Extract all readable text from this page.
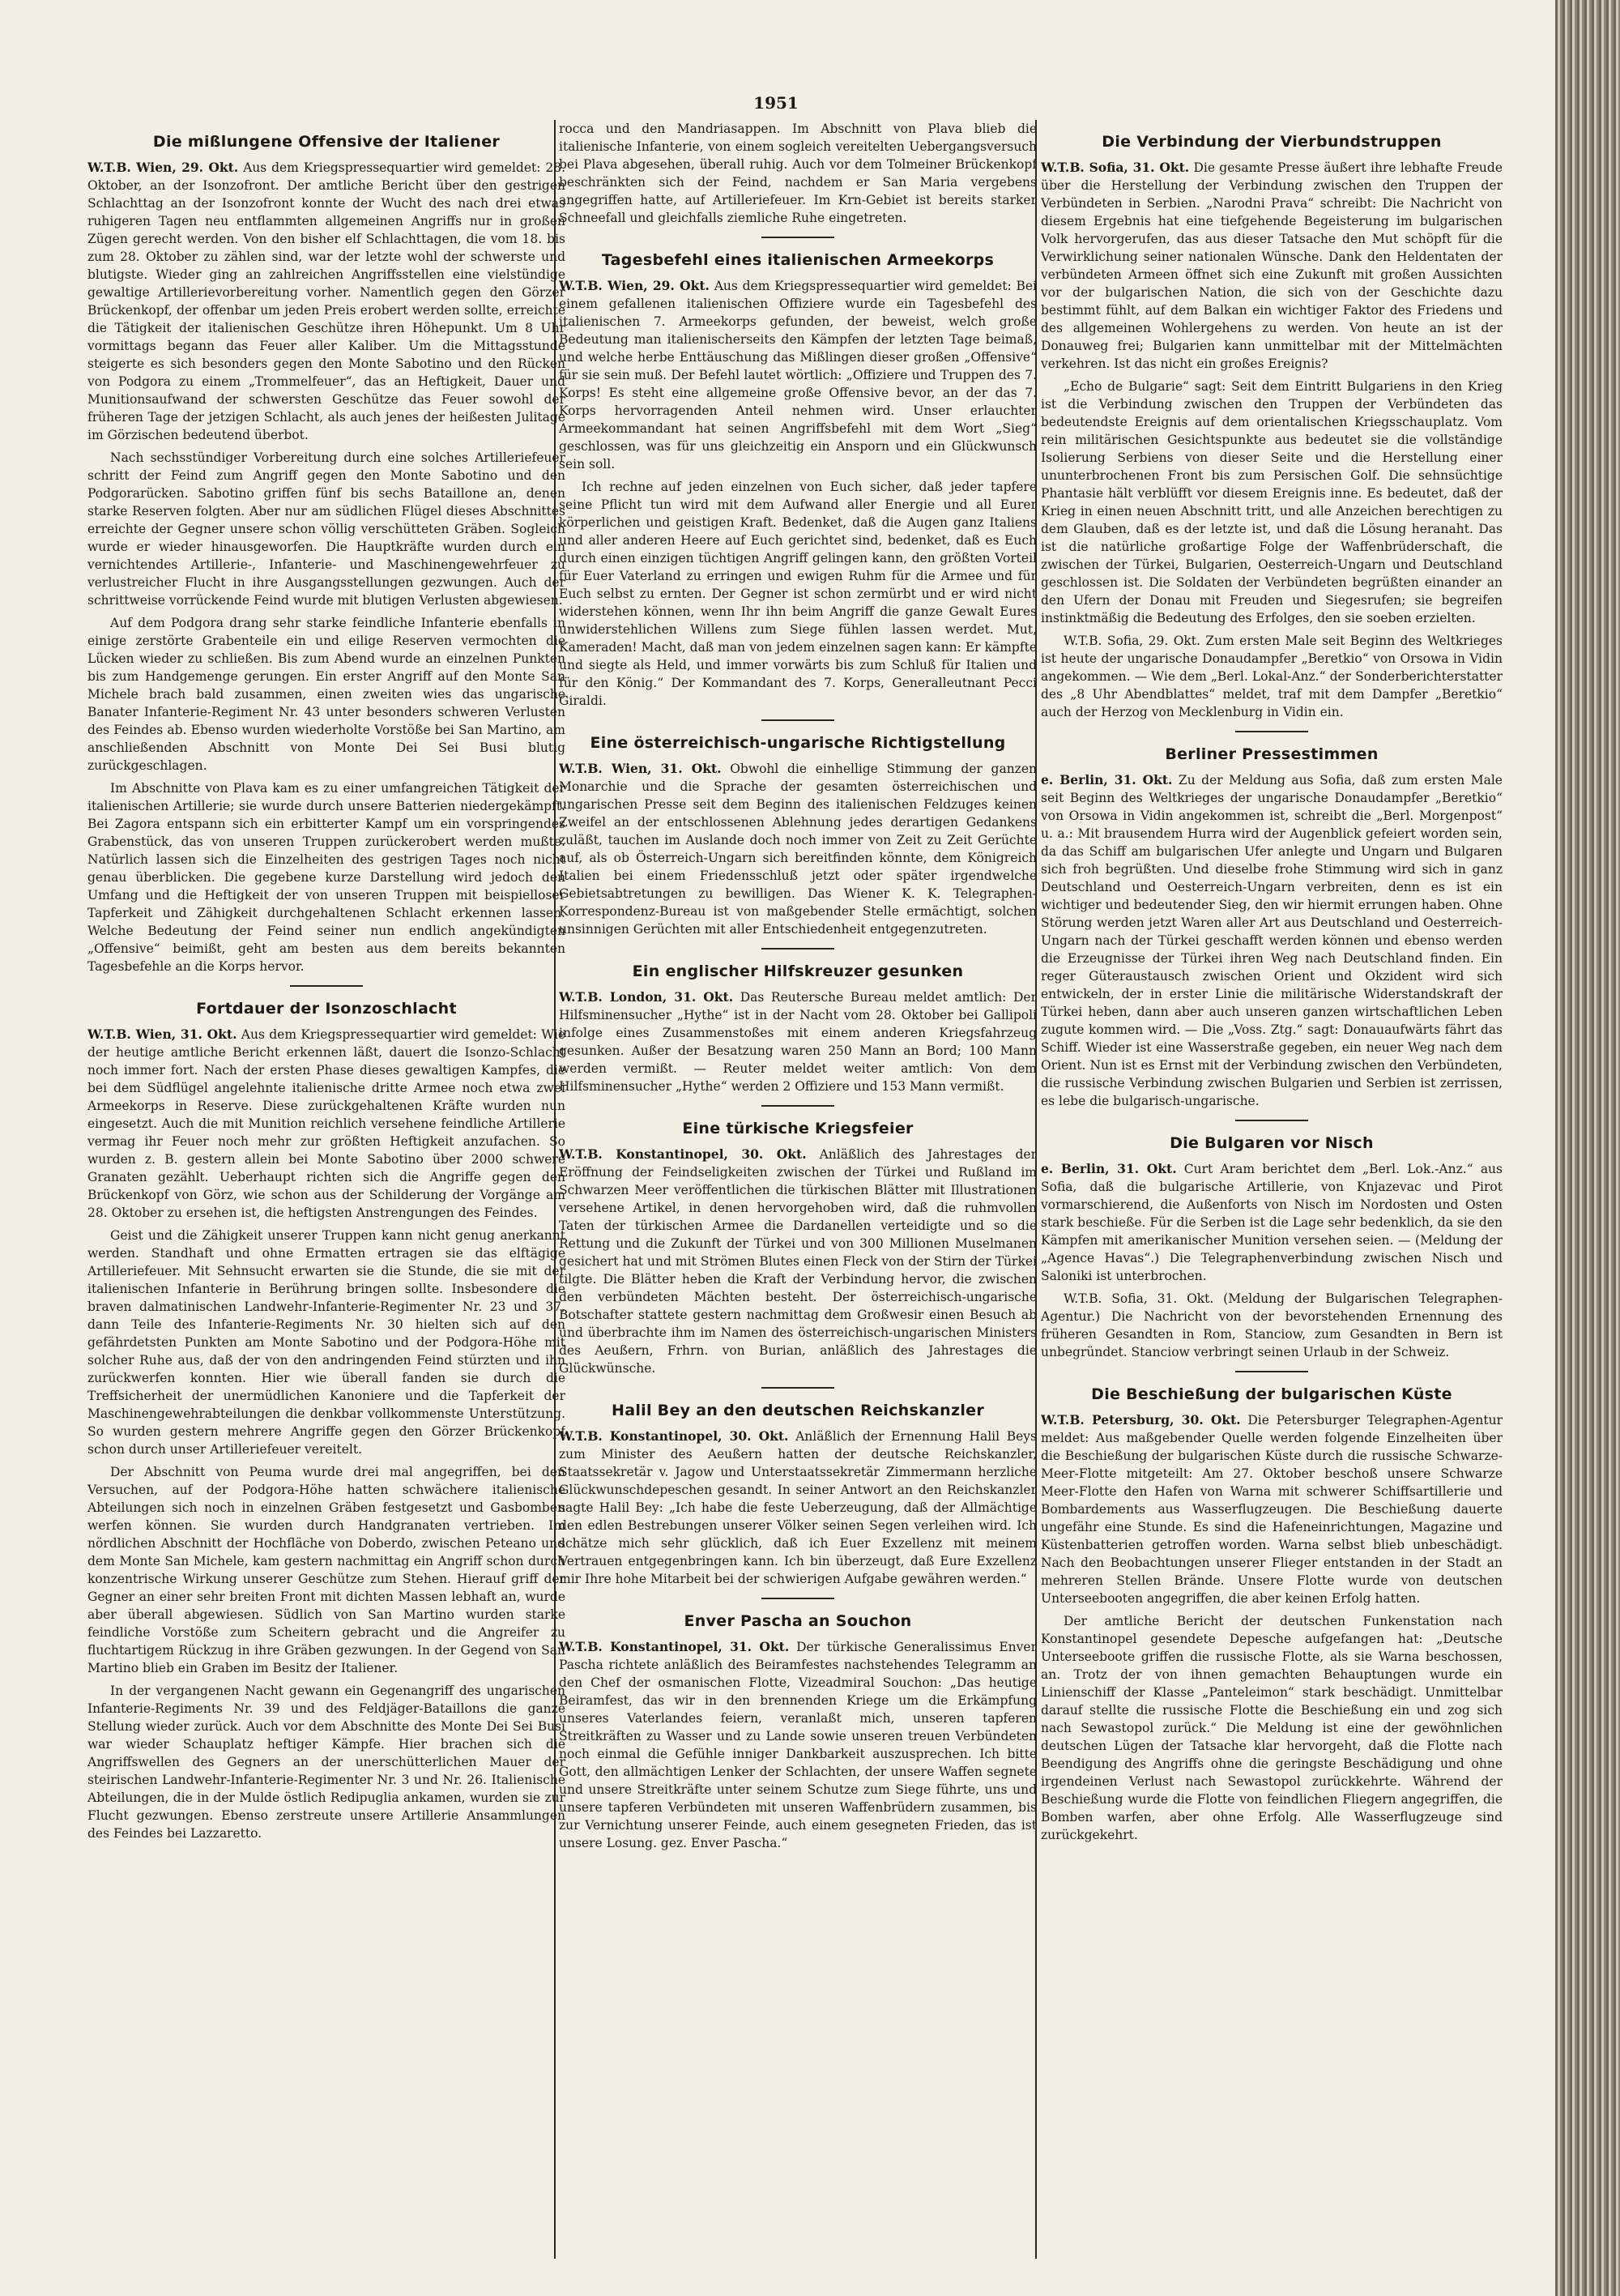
1951
Die mißlungene Offensive der Italiener

W.T.B. Wien, 29. Okt. Aus dem Kriegspressequartier wird gemeldet: 28. Oktober, an der Isonzofront. Der amtliche Bericht über den gestrigen Schlachttag an der Isonzofront konnte der Wucht des nach drei etwas ruhigeren Tagen neu entflammten allgemeinen Angriffs nur in großen Zügen gerecht werden. Von den bisher elf Schlachttagen, die vom 18. bis zum 28. Oktober zu zählen sind, war der letzte wohl der schwerste und blutigste. Wieder ging an zahlreichen Angriffsstellen eine vielstündige gewaltige Artillerievorbereitung vorher. Namentlich gegen den Görzer Brückenkopf, der offenbar um jeden Preis erobert werden sollte, erreichte die Tätigkeit der italienischen Geschütze ihren Höhepunkt. Um 8 Uhr vormittags begann das Feuer aller Kaliber. Um die Mittagsstunde steigerte es sich besonders gegen den Monte Sabotino und den Rücken von Podgora zu einem „Trommelfeuer“, das an Heftigkeit, Dauer und Munitionsaufwand der schwersten Geschütze das Feuer sowohl der früheren Tage der jetzigen Schlacht, als auch jenes der heißesten Julitage im Görzischen bedeutend überbot.

Nach sechsstündiger Vorbereitung durch eine solches Artilleriefeuer schritt der Feind zum Angriff gegen den Monte Sabotino und den Podgorarücken. Sabotino griffen fünf bis sechs Bataillone an, denen starke Reserven folgten. Aber nur am südlichen Flügel dieses Abschnittes erreichte der Gegner unsere schon völlig verschütteten Gräben. Sogleich wurde er wieder hinausgeworfen. Die Hauptkräfte wurden durch ein vernichtendes Artillerie-, Infanterie- und Maschinengewehrfeuer zu verlustreicher Flucht in ihre Ausgangsstellungen gezwungen. Auch der schrittweise vorrückende Feind wurde mit blutigen Verlusten abgewiesen.

Auf dem Podgora drang sehr starke feindliche Infanterie ebenfalls in einige zerstörte Grabenteile ein und eilige Reserven vermochten die Lücken wieder zu schließen. Bis zum Abend wurde an einzelnen Punkten bis zum Handgemenge gerungen. Ein erster Angriff auf den Monte San Michele brach bald zusammen, einen zweiten wies das ungarische Banater Infanterie-Regiment Nr. 43 unter besonders schweren Verlusten des Feindes ab. Ebenso wurden wiederholte Vorstöße bei San Martino, am anschließenden Abschnitt von Monte Dei Sei Busi blutig zurückgeschlagen.

Im Abschnitte von Plava kam es zu einer umfangreichen Tätigkeit der italienischen Artillerie; sie wurde durch unsere Batterien niedergekämpft. Bei Zagora entspann sich ein erbitterter Kampf um ein vorspringendes Grabenstück, das von unseren Truppen zurückerobert werden mußte. Natürlich lassen sich die Einzelheiten des gestrigen Tages noch nicht genau überblicken. Die gegebene kurze Darstellung wird jedoch den Umfang und die Heftigkeit der von unseren Truppen mit beispielloser Tapferkeit und Zähigkeit durchgehaltenen Schlacht erkennen lassen. Welche Bedeutung der Feind seiner nun endlich angekündigten „Offensive“ beimißt, geht am besten aus dem bereits bekannten Tagesbefehle an die Korps hervor.

Fortdauer der Isonzoschlacht

W.T.B. Wien, 31. Okt. Aus dem Kriegspressequartier wird gemeldet: Wie der heutige amtliche Bericht erkennen läßt, dauert die Isonzo-Schlacht noch immer fort. Nach der ersten Phase dieses gewaltigen Kampfes, die bei dem Südflügel angelehnte italienische dritte Armee noch etwa zwei Armeekorps in Reserve. Diese zurückgehaltenen Kräfte wurden nun eingesetzt. Auch die mit Munition reichlich versehene feindliche Artillerie vermag ihr Feuer noch mehr zur größten Heftigkeit anzufachen. So wurden z. B. gestern allein bei Monte Sabotino über 2000 schwere Granaten gezählt. Ueberhaupt richten sich die Angriffe gegen den Brückenkopf von Görz, wie schon aus der Schilderung der Vorgänge am 28. Oktober zu ersehen ist, die heftigsten Anstrengungen des Feindes.

Geist und die Zähigkeit unserer Truppen kann nicht genug anerkannt werden. Standhaft und ohne Ermatten ertragen sie das elftägige Artilleriefeuer. Mit Sehnsucht erwarten sie die Stunde, die sie mit der italienischen Infanterie in Berührung bringen sollte. Insbesondere die braven dalmatinischen Landwehr-Infanterie-Regimenter Nr. 23 und 37, dann Teile des Infanterie-Regiments Nr. 30 hielten sich auf den gefährdetsten Punkten am Monte Sabotino und der Podgora-Höhe mit solcher Ruhe aus, daß der von den andringenden Feind stürzten und ihn zurückwerfen konnten. Hier wie überall fanden sie durch die Treffsicherheit der unermüdlichen Kanoniere und die Tapferkeit der Maschinengewehrabteilungen die denkbar vollkommenste Unterstützung. So wurden gestern mehrere Angriffe gegen den Görzer Brückenkopf schon durch unser Artilleriefeuer vereitelt.

Der Abschnitt von Peuma wurde drei mal angegriffen, bei den Versuchen, auf der Podgora-Höhe hatten schwächere italienische Abteilungen sich noch in einzelnen Gräben festgesetzt und Gasbomben werfen können. Sie wurden durch Handgranaten vertrieben. Im nördlichen Abschnitt der Hochfläche von Doberdo, zwischen Peteano und dem Monte San Michele, kam gestern nachmittag ein Angriff schon durch konzentrische Wirkung unserer Geschütze zum Stehen. Hierauf griff der Gegner an einer sehr breiten Front mit dichten Massen lebhaft an, wurde aber überall abgewiesen. Südlich von San Martino wurden starke feindliche Vorstöße zum Scheitern gebracht und die Angreifer zu fluchtartigem Rückzug in ihre Gräben gezwungen. In der Gegend von San Martino blieb ein Graben im Besitz der Italiener.

In der vergangenen Nacht gewann ein Gegenangriff des ungarischen Infanterie-Regiments Nr. 39 und des Feldjäger-Bataillons die ganze Stellung wieder zurück. Auch vor dem Abschnitte des Monte Dei Sei Busi war wieder Schauplatz heftiger Kämpfe. Hier brachen sich die Angriffswellen des Gegners an der unerschütterlichen Mauer der steirischen Landwehr-Infanterie-Regimenter Nr. 3 und Nr. 26. Italienische Abteilungen, die in der Mulde östlich Redipuglia ankamen, wurden sie zur Flucht gezwungen. Ebenso zerstreute unsere Artillerie Ansammlungen des Feindes bei Lazzaretto.

rocca und den Mandriasappen. Im Abschnitt von Plava blieb die italienische Infanterie, von einem sogleich vereitelten Uebergangsversuch bei Plava abgesehen, überall ruhig. Auch vor dem Tolmeiner Brückenkopf beschränkten sich der Feind, nachdem er San Maria vergebens angegriffen hatte, auf Artilleriefeuer. Im Krn-Gebiet ist bereits starker Schneefall und gleichfalls ziemliche Ruhe eingetreten.

Tagesbefehl eines italienischen Armeekorps

W.T.B. Wien, 29. Okt. Aus dem Kriegspressequartier wird gemeldet: Bei einem gefallenen italienischen Offiziere wurde ein Tagesbefehl des italienischen 7. Armeekorps gefunden, der beweist, welch große Bedeutung man italienischerseits den Kämpfen der letzten Tage beimaß, und welche herbe Enttäuschung das Mißlingen dieser großen „Offensive“ für sie sein muß. Der Befehl lautet wörtlich: „Offiziere und Truppen des 7. Korps! Es steht eine allgemeine große Offensive bevor, an der das 7. Korps hervorragenden Anteil nehmen wird. Unser erlauchter Armeekommandant hat seinen Angriffsbefehl mit dem Wort „Sieg“ geschlossen, was für uns gleichzeitig ein Ansporn und ein Glückwunsch sein soll.

Ich rechne auf jeden einzelnen von Euch sicher, daß jeder tapfere seine Pflicht tun wird mit dem Aufwand aller Energie und all Eurer körperlichen und geistigen Kraft. Bedenket, daß die Augen ganz Italiens und aller anderen Heere auf Euch gerichtet sind, bedenket, daß es Euch durch einen einzigen tüchtigen Angriff gelingen kann, den größten Vorteil für Euer Vaterland zu erringen und ewigen Ruhm für die Armee und für Euch selbst zu ernten. Der Gegner ist schon zermürbt und er wird nicht widerstehen können, wenn Ihr ihn beim Angriff die ganze Gewalt Eures unwiderstehlichen Willens zum Siege fühlen lassen werdet. Mut, Kameraden! Macht, daß man von jedem einzelnen sagen kann: Er kämpfte und siegte als Held, und immer vorwärts bis zum Schluß für Italien und für den König.“ Der Kommandant des 7. Korps, Generalleutnant Pecci Giraldi.

Eine österreichisch-ungarische Richtigstellung

W.T.B. Wien, 31. Okt. Obwohl die einhellige Stimmung der ganzen Monarchie und die Sprache der gesamten österreichischen und ungarischen Presse seit dem Beginn des italienischen Feldzuges keinen Zweifel an der entschlossenen Ablehnung jedes derartigen Gedankens zuläßt, tauchen im Auslande doch noch immer von Zeit zu Zeit Gerüchte auf, als ob Österreich-Ungarn sich bereitfinden könnte, dem Königreich Italien bei einem Friedensschluß jetzt oder später irgendwelche Gebietsabtretungen zu bewilligen. Das Wiener K. K. Telegraphen-Korrespondenz-Bureau ist von maßgebender Stelle ermächtigt, solchen unsinnigen Gerüchten mit aller Entschiedenheit entgegenzutreten.

Ein englischer Hilfskreuzer gesunken

W.T.B. London, 31. Okt. Das Reutersche Bureau meldet amtlich: Der Hilfsminensucher „Hythe“ ist in der Nacht vom 28. Oktober bei Gallipoli infolge eines Zusammenstoßes mit einem anderen Kriegsfahrzeug gesunken. Außer der Besatzung waren 250 Mann an Bord; 100 Mann werden vermißt. — Reuter meldet weiter amtlich: Von dem Hilfsminensucher „Hythe“ werden 2 Offiziere und 153 Mann vermißt.

Eine türkische Kriegsfeier

W.T.B. Konstantinopel, 30. Okt. Anläßlich des Jahrestages der Eröffnung der Feindseligkeiten zwischen der Türkei und Rußland im Schwarzen Meer veröffentlichen die türkischen Blätter mit Illustrationen versehene Artikel, in denen hervorgehoben wird, daß die ruhmvollen Taten der türkischen Armee die Dardanellen verteidigte und so die Rettung und die Zukunft der Türkei und von 300 Millionen Muselmanen gesichert hat und mit Strömen Blutes einen Fleck von der Stirn der Türkei tilgte. Die Blätter heben die Kraft der Verbindung hervor, die zwischen den verbündeten Mächten besteht. Der österreichisch-ungarische Botschafter stattete gestern nachmittag dem Großwesir einen Besuch ab und überbrachte ihm im Namen des österreichisch-ungarischen Ministers des Aeußern, Frhrn. von Burian, anläßlich des Jahrestages die Glückwünsche.

Halil Bey an den deutschen Reichskanzler

W.T.B. Konstantinopel, 30. Okt. Anläßlich der Ernennung Halil Beys zum Minister des Aeußern hatten der deutsche Reichskanzler, Staatssekretär v. Jagow und Unterstaatssekretär Zimmermann herzliche Glückwunschdepeschen gesandt. In seiner Antwort an den Reichskanzler sagte Halil Bey: „Ich habe die feste Ueberzeugung, daß der Allmächtige den edlen Bestrebungen unserer Völker seinen Segen verleihen wird. Ich schätze mich sehr glücklich, daß ich Euer Exzellenz mit meinem Vertrauen entgegenbringen kann. Ich bin überzeugt, daß Eure Exzellenz mir Ihre hohe Mitarbeit bei der schwierigen Aufgabe gewähren werden.“

Enver Pascha an Souchon

W.T.B. Konstantinopel, 31. Okt. Der türkische Generalissimus Enver Pascha richtete anläßlich des Beiramfestes nachstehendes Telegramm an den Chef der osmanischen Flotte, Vizeadmiral Souchon: „Das heutige Beiramfest, das wir in den brennenden Kriege um die Erkämpfung unseres Vaterlandes feiern, veranlaßt mich, unseren tapferen Streitkräften zu Wasser und zu Lande sowie unseren treuen Verbündeten noch einmal die Gefühle inniger Dankbarkeit auszusprechen. Ich bitte Gott, den allmächtigen Lenker der Schlachten, der unsere Waffen segnete und unsere Streitkräfte unter seinem Schutze zum Siege führte, uns und unsere tapferen Verbündeten mit unseren Waffenbrüdern zusammen, bis zur Vernichtung unserer Feinde, auch einem gesegneten Frieden, das ist unsere Losung. gez. Enver Pascha.“

Die Verbindung der Vierbundstruppen

W.T.B. Sofia, 31. Okt. Die gesamte Presse äußert ihre lebhafte Freude über die Herstellung der Verbindung zwischen den Truppen der Verbündeten in Serbien. „Narodni Prava“ schreibt: Die Nachricht von diesem Ergebnis hat eine tiefgehende Begeisterung im bulgarischen Volk hervorgerufen, das aus dieser Tatsache den Mut schöpft für die Verwirklichung seiner nationalen Wünsche. Dank den Heldentaten der verbündeten Armeen öffnet sich eine Zukunft mit großen Aussichten vor der bulgarischen Nation, die sich von der Geschichte dazu bestimmt fühlt, auf dem Balkan ein wichtiger Faktor des Friedens und des allgemeinen Wohlergehens zu werden. Von heute an ist der Donauweg frei; Bulgarien kann unmittelbar mit der Mittelmächten verkehren. Ist das nicht ein großes Ereignis?

„Echo de Bulgarie“ sagt: Seit dem Eintritt Bulgariens in den Krieg ist die Verbindung zwischen den Truppen der Verbündeten das bedeutendste Ereignis auf dem orientalischen Kriegsschauplatz. Vom rein militärischen Gesichtspunkte aus bedeutet sie die vollständige Isolierung Serbiens von dieser Seite und die Herstellung einer ununterbrochenen Front bis zum Persischen Golf. Die sehnsüchtige Phantasie hält verblüfft vor diesem Ereignis inne. Es bedeutet, daß der Krieg in einen neuen Abschnitt tritt, und alle Anzeichen berechtigen zu dem Glauben, daß es der letzte ist, und daß die Lösung heranaht. Das ist die natürliche großartige Folge der Waffenbrüderschaft, die zwischen der Türkei, Bulgarien, Oesterreich-Ungarn und Deutschland geschlossen ist. Die Soldaten der Verbündeten begrüßten einander an den Ufern der Donau mit Freuden und Siegesrufen; sie begreifen instinktmäßig die Bedeutung des Erfolges, den sie soeben erzielten.

W.T.B. Sofia, 29. Okt. Zum ersten Male seit Beginn des Weltkrieges ist heute der ungarische Donaudampfer „Beretkio“ von Orsowa in Vidin angekommen. — Wie dem „Berl. Lokal-Anz.“ der Sonderberichterstatter des „8 Uhr Abendblattes“ meldet, traf mit dem Dampfer „Beretkio“ auch der Herzog von Mecklenburg in Vidin ein.

Berliner Pressestimmen

e. Berlin, 31. Okt. Zu der Meldung aus Sofia, daß zum ersten Male seit Beginn des Weltkrieges der ungarische Donaudampfer „Beretkio“ von Orsowa in Vidin angekommen ist, schreibt die „Berl. Morgenpost“ u. a.: Mit brausendem Hurra wird der Augenblick gefeiert worden sein, da das Schiff am bulgarischen Ufer anlegte und Ungarn und Bulgaren sich froh begrüßten. Und dieselbe frohe Stimmung wird sich in ganz Deutschland und Oesterreich-Ungarn verbreiten, denn es ist ein wichtiger und bedeutender Sieg, den wir hiermit errungen haben. Ohne Störung werden jetzt Waren aller Art aus Deutschland und Oesterreich-Ungarn nach der Türkei geschafft werden können und ebenso werden die Erzeugnisse der Türkei ihren Weg nach Deutschland finden. Ein reger Güteraustausch zwischen Orient und Okzident wird sich entwickeln, der in erster Linie die militärische Widerstandskraft der Türkei heben, dann aber auch unseren ganzen wirtschaftlichen Leben zugute kommen wird. — Die „Voss. Ztg.“ sagt: Donauaufwärts fährt das Schiff. Wieder ist eine Wasserstraße gegeben, ein neuer Weg nach dem Orient. Nun ist es Ernst mit der Verbindung zwischen den Verbündeten, die russische Verbindung zwischen Bulgarien und Serbien ist zerrissen, es lebe die bulgarisch-ungarische.

Die Bulgaren vor Nisch

e. Berlin, 31. Okt. Curt Aram berichtet dem „Berl. Lok.-Anz.“ aus Sofia, daß die bulgarische Artillerie, von Knjazevac und Pirot vormarschierend, die Außenforts von Nisch im Nordosten und Osten stark beschieße. Für die Serben ist die Lage sehr bedenklich, da sie den Kämpfen mit amerikanischer Munition versehen seien. — (Meldung der „Agence Havas“.) Die Telegraphenverbindung zwischen Nisch und Saloniki ist unterbrochen.

W.T.B. Sofia, 31. Okt. (Meldung der Bulgarischen Telegraphen-Agentur.) Die Nachricht von der bevorstehenden Ernennung des früheren Gesandten in Rom, Stanciow, zum Gesandten in Bern ist unbegründet. Stanciow verbringt seinen Urlaub in der Schweiz.

Die Beschießung der bulgarischen Küste

W.T.B. Petersburg, 30. Okt. Die Petersburger Telegraphen-Agentur meldet: Aus maßgebender Quelle werden folgende Einzelheiten über die Beschießung der bulgarischen Küste durch die russische Schwarze-Meer-Flotte mitgeteilt: Am 27. Oktober beschoß unsere Schwarze Meer-Flotte den Hafen von Warna mit schwerer Schiffsartillerie und Bombardements aus Wasserflugzeugen. Die Beschießung dauerte ungefähr eine Stunde. Es sind die Hafeneinrichtungen, Magazine und Küstenbatterien getroffen worden. Warna selbst blieb unbeschädigt. Nach den Beobachtungen unserer Flieger entstanden in der Stadt an mehreren Stellen Brände. Unsere Flotte wurde von deutschen Unterseebooten angegriffen, die aber keinen Erfolg hatten.

Der amtliche Bericht der deutschen Funkenstation nach Konstantinopel gesendete Depesche aufgefangen hat: „Deutsche Unterseeboote griffen die russische Flotte, als sie Warna beschossen, an. Trotz der von ihnen gemachten Behauptungen wurde ein Linienschiff der Klasse „Panteleimon“ stark beschädigt. Unmittelbar darauf stellte die russische Flotte die Beschießung ein und zog sich nach Sewastopol zurück.“ Die Meldung ist eine der gewöhnlichen deutschen Lügen der Tatsache klar hervorgeht, daß die Flotte nach Beendigung des Angriffs ohne die geringste Beschädigung und ohne irgendeinen Verlust nach Sewastopol zurückkehrte. Während der Beschießung wurde die Flotte von feindlichen Fliegern angegriffen, die Bomben warfen, aber ohne Erfolg. Alle Wasserflugzeuge sind zurückgekehrt.
